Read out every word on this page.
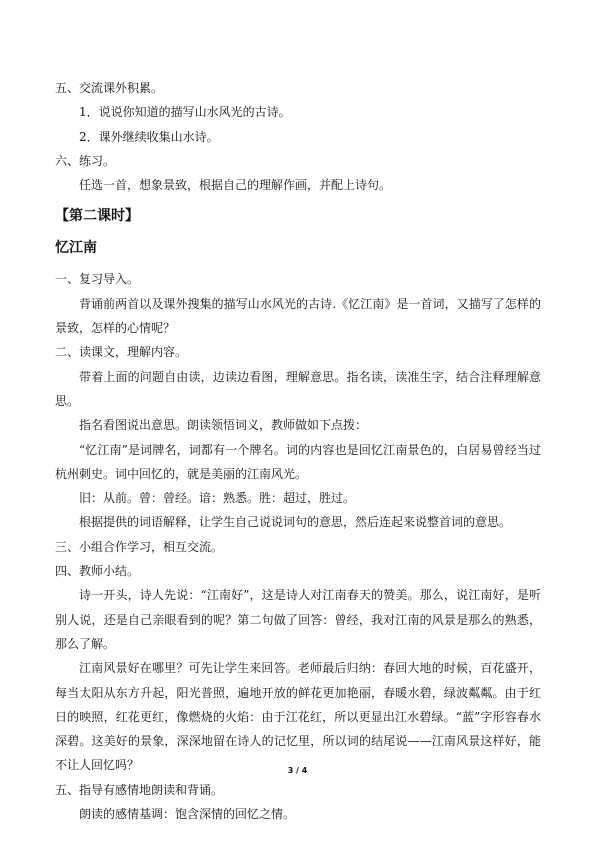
五、交流课外积累。

1．说说你知道的描写山水风光的古诗。

2．课外继续收集山水诗。

六、练习。

任选一首，想象景致，根据自己的理解作画，并配上诗句。

【第二课时】

忆江南

一、复习导入。

背诵前两首以及课外搜集的描写山水风光的古诗.《忆江南》是一首词，又描写了怎样的景致，怎样的心情呢？

二、读课文，理解内容。

带着上面的问题自由读，边读边看图，理解意思。指名读，读准生字，结合注释理解意思。

指名看图说出意思。朗读领悟词义，教师做如下点拨：

“忆江南”是词牌名，词都有一个牌名。词的内容也是回忆江南景色的，白居易曾经当过杭州刺史。词中回忆的，就是美丽的江南风光。

旧：从前。曾：曾经。谙：熟悉。胜：超过，胜过。

根据提供的词语解释，让学生自己说说词句的意思，然后连起来说整首词的意思。

三、小组合作学习，相互交流。

四、教师小结。

诗一开头，诗人先说：“江南好”，这是诗人对江南春天的赞美。那么，说江南好，是听别人说，还是自己亲眼看到的呢？第二句做了回答：曾经，我对江南的风景是那么的熟悉，那么了解。

江南风景好在哪里？可先让学生来回答。老师最后归纳：春回大地的时候，百花盛开，每当太阳从东方升起，阳光普照，遍地开放的鲜花更加艳丽，春暖水碧，绿波粼粼。由于红日的映照，红花更红，像燃烧的火焰：由于江花红，所以更显出江水碧绿。“蓝”字形容春水深碧。这美好的景象，深深地留在诗人的记忆里，所以词的结尾说——江南风景这样好，能不让人回忆吗？

五、指导有感情地朗读和背诵。

朗读的感情基调：饱含深情的回忆之情。

3 / 4
